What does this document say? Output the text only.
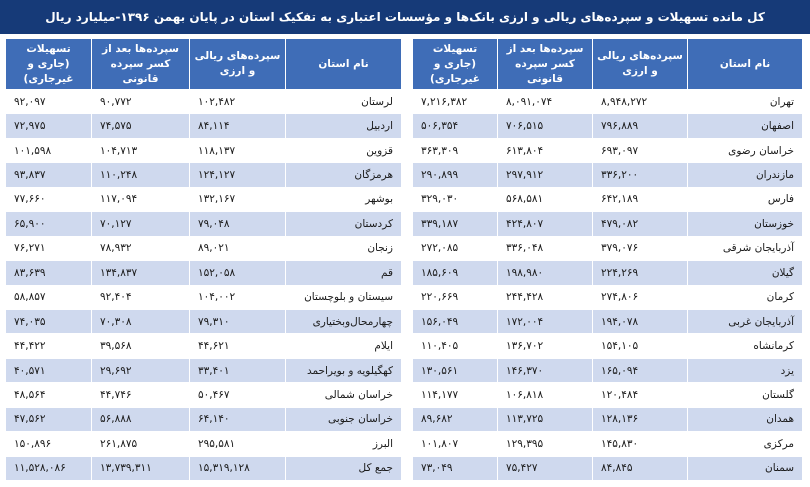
کل مانده تسهیلات و سپرده‌های ریالی و ارزی بانک‌ها و مؤسسات اعتباری به تفکیک استان در پایان بهمن ۱۳۹۶-میلیارد ریال
نام استان	سپرده‌های ریالی و ارزی	سپرده‌ها بعد از کسر سپرده قانونی	تسهیلات (جاری و غیرجاری)
تهران	۸,۹۴۸,۲۷۲	۸,۰۹۱,۰۷۴	۷,۲۱۶,۳۸۲
اصفهان	۷۹۶,۸۸۹	۷۰۶,۵۱۵	۵۰۶,۳۵۴
خراسان رضوی	۶۹۳,۰۹۷	۶۱۳,۸۰۴	۳۶۳,۳۰۹
مازندران	۳۳۶,۲۰۰	۲۹۷,۹۱۲	۲۹۰,۸۹۹
فارس	۶۴۲,۱۸۹	۵۶۸,۵۸۱	۳۲۹,۰۳۰
خوزستان	۴۷۹,۰۸۲	۴۲۴,۸۰۷	۳۳۹,۱۸۷
آذربایجان شرقی	۳۷۹,۰۷۶	۳۳۶,۰۴۸	۲۷۲,۰۸۵
گیلان	۲۲۴,۲۶۹	۱۹۸,۹۸۰	۱۸۵,۶۰۹
کرمان	۲۷۴,۸۰۶	۲۴۴,۴۲۸	۲۲۰,۶۶۹
آذربایجان غربی	۱۹۴,۰۷۸	۱۷۲,۰۰۴	۱۵۶,۰۴۹
کرمانشاه	۱۵۴,۱۰۵	۱۳۶,۷۰۲	۱۱۰,۴۰۵
یزد	۱۶۵,۰۹۴	۱۴۶,۳۷۰	۱۳۰,۵۶۱
گلستان	۱۲۰,۴۸۴	۱۰۶,۸۱۸	۱۱۴,۱۷۷
همدان	۱۲۸,۱۳۶	۱۱۳,۷۲۵	۸۹,۶۸۲
مرکزی	۱۴۵,۸۳۰	۱۲۹,۳۹۵	۱۰۱,۸۰۷
سمنان	۸۴,۸۴۵	۷۵,۴۲۷	۷۳,۰۴۹
نام استان	سپرده‌های ریالی و ارزی	سپرده‌ها بعد از کسر سپرده قانونی	تسهیلات (جاری و غیرجاری)
لرستان	۱۰۲,۴۸۲	۹۰,۷۷۲	۹۲,۰۹۷
اردبیل	۸۴,۱۱۴	۷۴,۵۷۵	۷۲,۹۷۵
قزوین	۱۱۸,۱۳۷	۱۰۴,۷۱۳	۱۰۱,۵۹۸
هرمزگان	۱۲۴,۱۲۷	۱۱۰,۲۴۸	۹۳,۸۳۷
بوشهر	۱۳۲,۱۶۷	۱۱۷,۰۹۴	۷۷,۶۶۰
کردستان	۷۹,۰۴۸	۷۰,۱۲۷	۶۵,۹۰۰
زنجان	۸۹,۰۲۱	۷۸,۹۳۲	۷۶,۲۷۱
قم	۱۵۲,۰۵۸	۱۳۴,۸۳۷	۸۳,۶۳۹
سیستان و بلوچستان	۱۰۴,۰۰۲	۹۲,۴۰۴	۵۸,۸۵۷
چهارمحال‌وبختیاری	۷۹,۳۱۰	۷۰,۳۰۸	۷۴,۰۳۵
ایلام	۴۴,۶۲۱	۳۹,۵۶۸	۴۴,۴۲۲
کهگیلویه و بویراحمد	۳۳,۴۰۱	۲۹,۶۹۲	۴۰,۵۷۱
خراسان شمالی	۵۰,۴۶۷	۴۴,۷۴۶	۴۸,۵۶۴
خراسان جنوبی	۶۴,۱۴۰	۵۶,۸۸۸	۴۷,۵۶۲
البرز	۲۹۵,۵۸۱	۲۶۱,۸۷۵	۱۵۰,۸۹۶
جمع کل	۱۵,۳۱۹,۱۲۸	۱۳,۷۳۹,۳۱۱	۱۱,۵۲۸,۰۸۶
